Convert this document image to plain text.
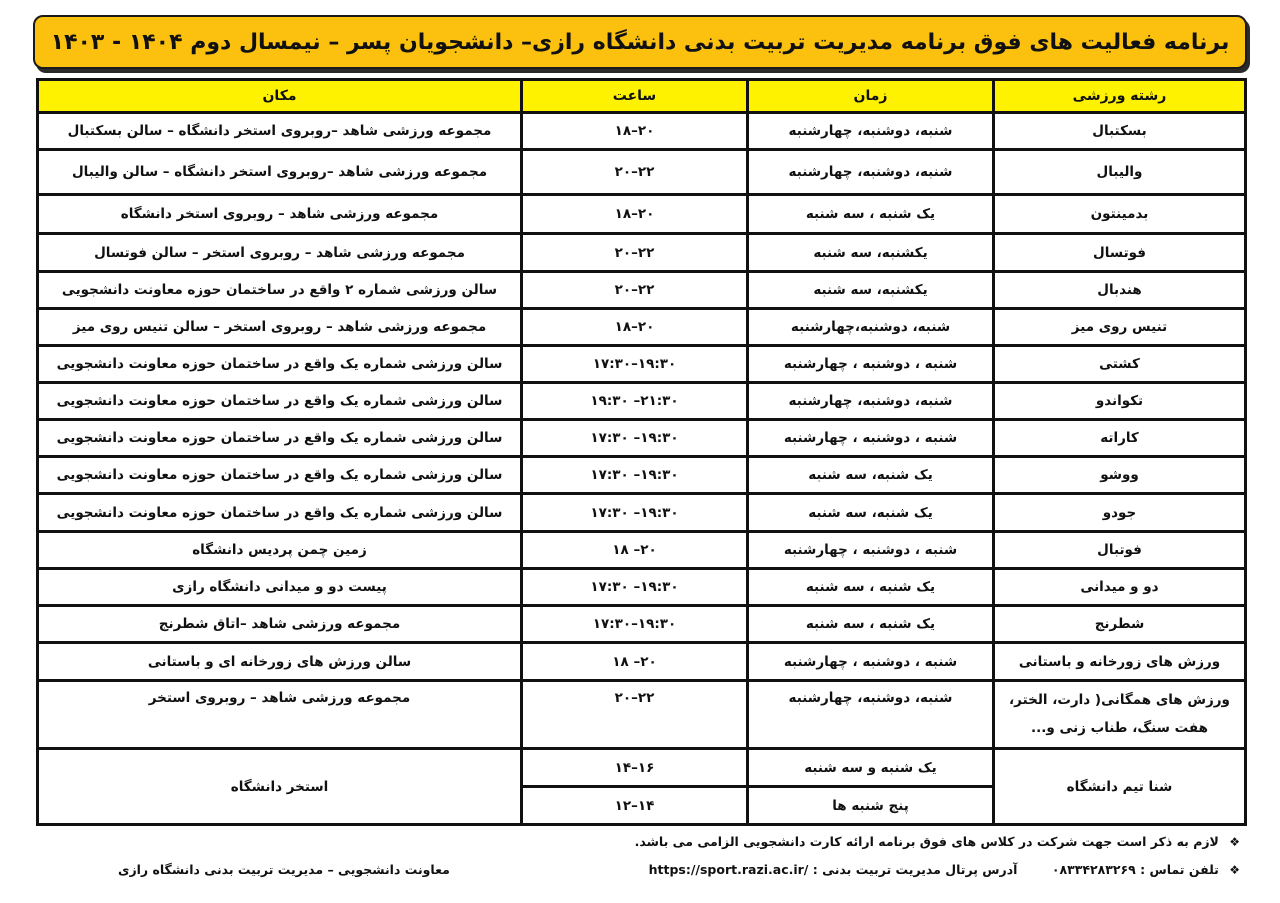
برنامه فعالیت های فوق برنامه مدیریت تربیت بدنی دانشگاه رازی– دانشجویان پسر – نیمسال دوم ۱۴۰۴ - ۱۴۰۳
رشته ورزشی	زمان	ساعت	مکان
بسکتبال	شنبه، دوشنبه، چهارشنبه	۱۸–۲۰	مجموعه ورزشی شاهد –روبروی استخر دانشگاه – سالن بسکتبال
والیبال	شنبه، دوشنبه، چهارشنبه	۲۰–۲۲	مجموعه ورزشی شاهد –روبروی استخر دانشگاه – سالن والیبال
بدمینتون	یک شنبه ، سه شنبه	۱۸–۲۰	مجموعه ورزشی شاهد – روبروی استخر دانشگاه
فوتسال	یکشنبه، سه شنبه	۲۰–۲۲	مجموعه ورزشی شاهد – روبروی استخر – سالن فوتسال
هندبال	یکشنبه، سه شنبه	۲۰–۲۲	سالن ورزشی شماره ۲ واقع در ساختمان حوزه معاونت دانشجویی
تنیس روی میز	شنبه، دوشنبه،چهارشنبه	۱۸–۲۰	مجموعه ورزشی شاهد – روبروی استخر – سالن تنیس روی میز
کشتی	شنبه ، دوشنبه ، چهارشنبه	۱۷:۳۰–۱۹:۳۰	سالن ورزشی شماره یک واقع در ساختمان حوزه معاونت دانشجویی
تکواندو	شنبه، دوشنبه، چهارشنبه	۱۹:۳۰ –۲۱:۳۰	سالن ورزشی شماره یک واقع در ساختمان حوزه معاونت دانشجویی
کاراته	شنبه ، دوشنبه ، چهارشنبه	۱۷:۳۰ –۱۹:۳۰	سالن ورزشی شماره یک واقع در ساختمان حوزه معاونت دانشجویی
ووشو	یک شنبه، سه شنبه	۱۷:۳۰ –۱۹:۳۰	سالن ورزشی شماره یک واقع در ساختمان حوزه معاونت دانشجویی
جودو	یک شنبه، سه شنبه	۱۷:۳۰ –۱۹:۳۰	سالن ورزشی شماره یک واقع در ساختمان حوزه معاونت دانشجویی
فوتبال	شنبه ، دوشنبه ، چهارشنبه	۱۸ –۲۰	زمین چمن پردیس دانشگاه
دو و میدانی	یک شنبه ، سه شنبه	۱۷:۳۰ –۱۹:۳۰	پیست دو و میدانی دانشگاه رازی
شطرنج	یک شنبه ، سه شنبه	۱۷:۳۰–۱۹:۳۰	مجموعه ورزشی شاهد –اتاق شطرنج
ورزش های زورخانه و باستانی	شنبه ، دوشنبه ، چهارشنبه	۱۸ –۲۰	سالن ورزش های زورخانه ای و باستانی
ورزش های همگانی( دارت، الختر، هفت سنگ، طناب زنی و...	شنبه، دوشنبه، چهارشنبه	۲۰–۲۲	مجموعه ورزشی شاهد – روبروی استخر
شنا تیم دانشگاه	یک شنبه و سه شنبه	۱۴–۱۶	استخر دانشگاه
	پنج شنبه ها	۱۲–۱۴	
❖ لازم به ذکر است جهت شرکت در کلاس های فوق برنامه ارائه کارت دانشجویی الزامی می باشد.
❖ تلفن تماس : ۰۸۳۳۴۲۸۳۲۶۹ آدرس پرتال مدیریت تربیت بدنی : https://sport.razi.ac.ir/
معاونت دانشجویی – مدیریت تربیت بدنی دانشگاه رازی
